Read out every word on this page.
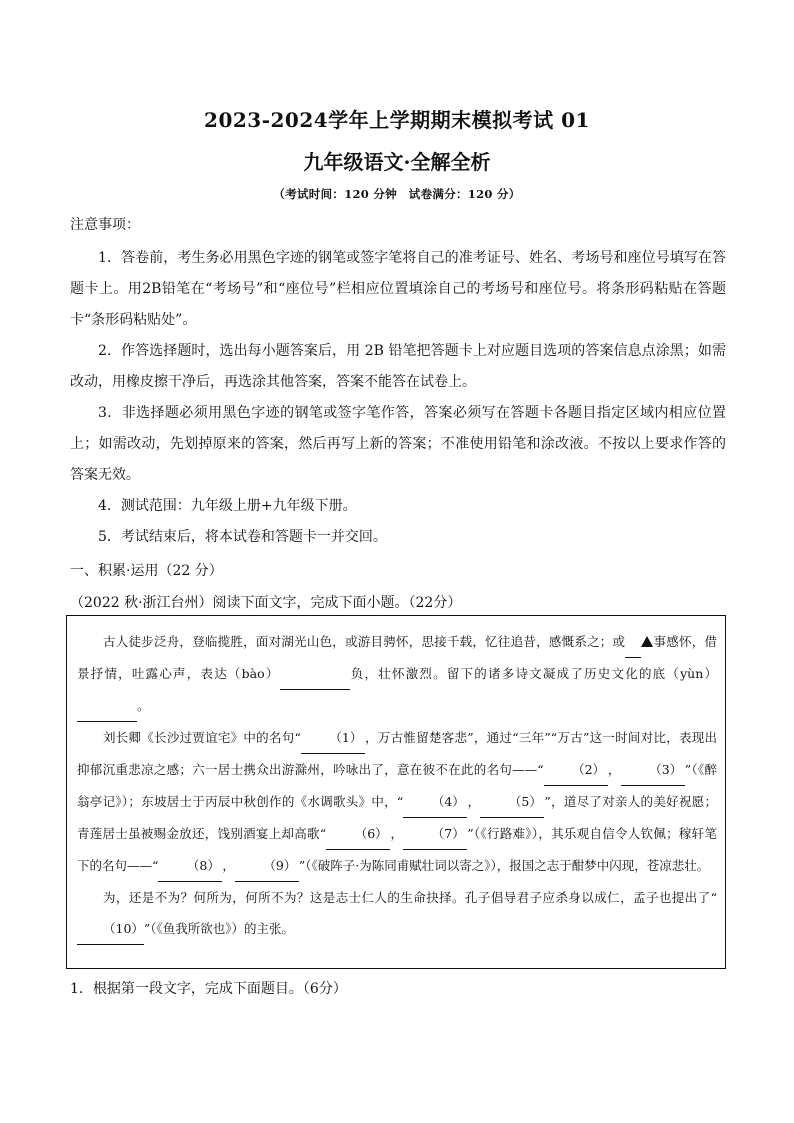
2023-2024学年上学期期末模拟考试 01
九年级语文·全解全析
（考试时间：120 分钟　试卷满分：120 分）
注意事项：

1．答卷前，考生务必用黑色字迹的钢笔或签字笔将自己的准考证号、姓名、考场号和座位号填写在答题卡上。用2B铅笔在“考场号”和“座位号”栏相应位置填涂自己的考场号和座位号。将条形码粘贴在答题卡“条形码粘贴处”。

2．作答选择题时，选出每小题答案后，用 2B 铅笔把答题卡上对应题目选项的答案信息点涂黑；如需改动，用橡皮擦干净后，再选涂其他答案，答案不能答在试卷上。

3．非选择题必须用黑色字迹的钢笔或签字笔作答，答案必须写在答题卡各题目指定区域内相应位置上；如需改动，先划掉原来的答案，然后再写上新的答案；不准使用铅笔和涂改液。不按以上要求作答的答案无效。

4．测试范围：九年级上册+九年级下册。

5．考试结束后，将本试卷和答题卡一并交回。

一、积累·运用（22 分）
（2022 秋·浙江台州）阅读下面文字，完成下面小题。（22分）

古人徒步泛舟，登临揽胜，面对湖光山色，或游目骋怀，思接千载，忆往追昔，感慨系之；或 事感怀，借景抒情，吐露心声，表达（bào）	负，壮怀激烈。留下的诸多诗文凝成了历史文化的底（yùn）。

刘长卿《长沙过贾谊宅》中的名句“ （1） ，万古惟留楚客悲”，通过“三年”“万古”这一时间对比，表现出抑郁沉重悲凉之感；六一居士携众出游滁州，吟咏出了，意在彼不在此的名句——“ （2） ， （3） ”（《醉翁亭记》）；东坡居士于丙辰中秋创作的《水调歌头》中，“ （4） ， （5） ”，道尽了对亲人的美好祝愿；青莲居士虽被赐金放还，饯别酒宴上却高歌“ （6） ， （7） ”（《行路难》），其乐观自信令人钦佩；稼轩笔下的名句——“ （8） ， （9） ”（《破阵子·为陈同甫赋壮词以寄之》），报国之志于酣梦中闪现，苍凉悲壮。

为，还是不为？何所为，何所不为？这是志士仁人的生命抉择。孔子倡导君子应杀身以成仁，孟子也提出了“（10）”（《鱼我所欲也》）的主张。

1．根据第一段文字，完成下面题目。（6分）
